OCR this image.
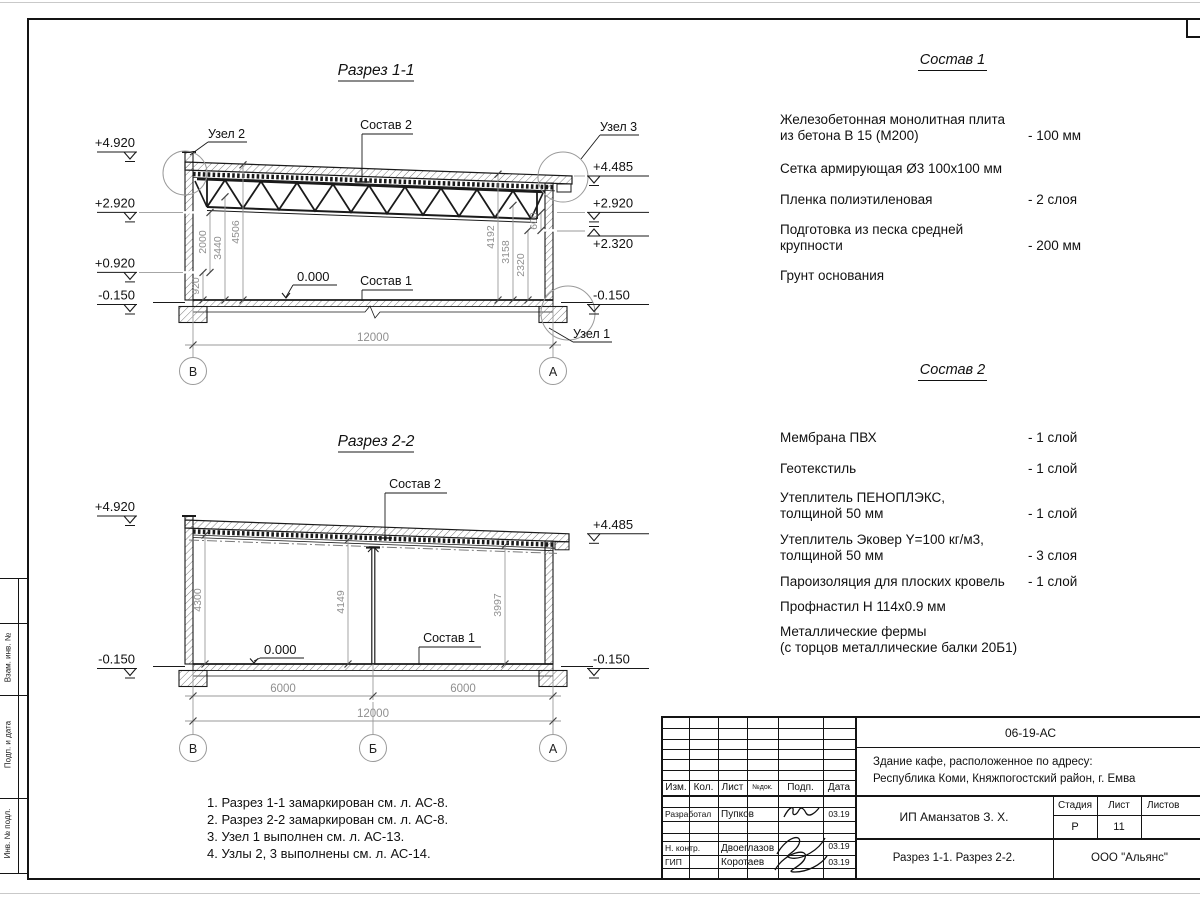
Взам. инв. №
Подп. и дата
Инв. № подл.
Разрез 1-1
Узел 2
Состав 2	Узел 3
Состав 1
0.000
Узел 1
+4.920
+2.920
+0.920
-0.150
+4.485
+2.920
+2.320
-0.150
920
2000 3440
4506	4192
3158
2320
600
12000
В	А
Разрез 2-2
Состав 2
Состав 1
0.000
+4.920
-0.150
+4.485
-0.150
4300	4149	3997
6000	6000
12000
В	Б	А
Состав 1
Железобетонная монолитная плита
из бетона В 15 (М200)	- 100 мм
Сетка армирующая Ø3 100х100 мм
Пленка полиэтиленовая	- 2 слоя
Подготовка из песка средней
крупности	- 200 мм
Грунт основания
Состав 2
Мембрана ПВХ	- 1 слой
Геотекстиль	- 1 слой
Утеплитель ПЕНОПЛЭКС,
толщиной 50 мм	- 1 слой
Утеплитель Эковер Y=100 кг/м3,
толщиной 50 мм	- 3 слоя
Пароизоляция для плоских кровель	- 1 слой
Профнастил Н 114х0.9 мм
Металлические фермы
(с торцов металлические балки 20Б1)
1. Разрез 1-1 замаркирован см. л. АС-8.
2. Разрез 2-2 замаркирован см. л. АС-8.
3. Узел 1 выполнен см. л. АС-13.
4. Узлы 2, 3 выполнены см. л. АС-14.
Изм. Кол. Лист	№док.	Подп.	Дата
Разработал Пупков	03.19
Н. контр.	Двоеглазов	03.19
ГИП	Коротаев	03.19
06-19-АС
Здание кафе, расположенное по адресу:
Республика Коми, Княжпогостский район, г. Емва
ИП Аманзатов З. Х.
Стадия	Лист	Листов
Р	11
Разрез 1-1. Разрез 2-2.	ООО "Альянс"
